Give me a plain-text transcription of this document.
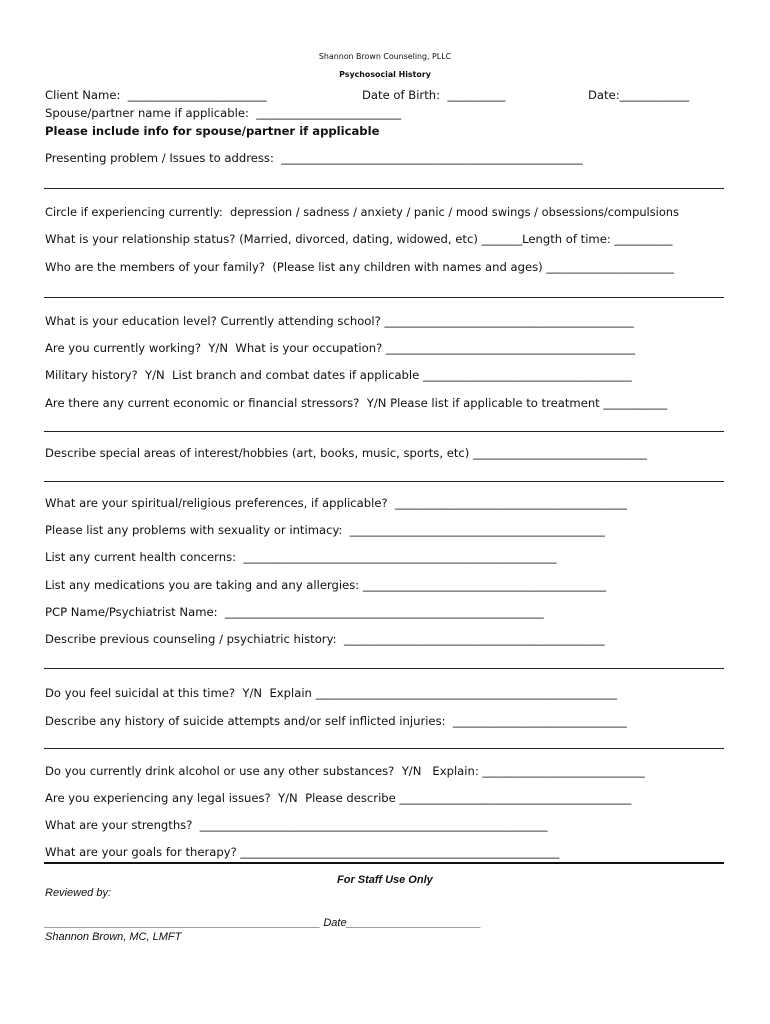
Shannon Brown Counseling, PLLC
Psychosocial History
Client Name:  ________________________	Date of Birth:  __________	Date:____________
Spouse/partner name if applicable:  _________________________
Please include info for spouse/partner if applicable
Presenting problem / Issues to address:  ____________________________________________________
Circle if experiencing currently:  depression / sadness / anxiety / panic / mood swings / obsessions/compulsions
What is your relationship status? (Married, divorced, dating, widowed, etc) _______Length of time: __________
Who are the members of your family?  (Please list any children with names and ages) ______________________
What is your education level? Currently attending school? ___________________________________________
Are you currently working?  Y/N  What is your occupation? ___________________________________________
Military history?  Y/N  List branch and combat dates if applicable ____________________________________
Are there any current economic or financial stressors?  Y/N Please list if applicable to treatment ___________
Describe special areas of interest/hobbies (art, books, music, sports, etc) ______________________________
What are your spiritual/religious preferences, if applicable?  ________________________________________
Please list any problems with sexuality or intimacy:  ____________________________________________
List any current health concerns:  ______________________________________________________
List any medications you are taking and any allergies: __________________________________________
PCP Name/Psychiatrist Name:  _______________________________________________________
Describe previous counseling / psychiatric history:  _____________________________________________
Do you feel suicidal at this time?  Y/N  Explain ____________________________________________________
Describe any history of suicide attempts and/or self inflicted injuries:  ______________________________
Do you currently drink alcohol or use any other substances?  Y/N   Explain: ____________________________
Are you experiencing any legal issues?  Y/N  Please describe ________________________________________
What are your strengths?  ____________________________________________________________
What are your goals for therapy? _______________________________________________________
For Staff Use Only
Reviewed by:
_____________________________________________ Date______________________
Shannon Brown, MC, LMFT
